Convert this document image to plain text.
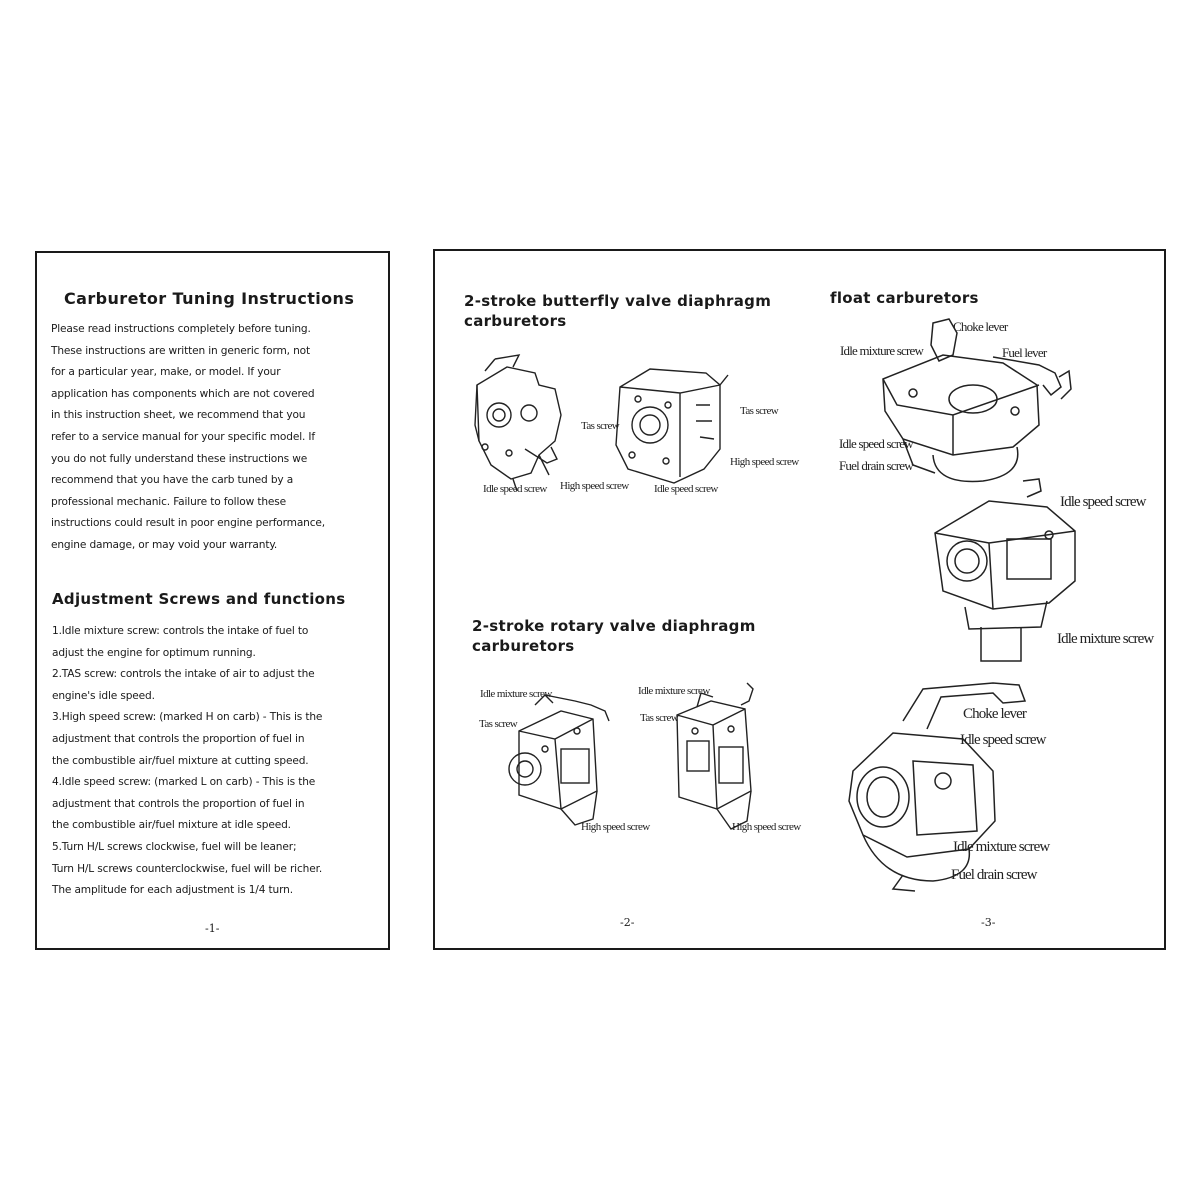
Carburetor Tuning Instructions

Please read instructions completely before tuning.
These instructions are written in generic form, not
for a particular year, make, or model. If your
application has components which are not covered
in this instruction sheet, we recommend that you
refer to a service manual for your specific model. If
you do not fully understand these instructions we
recommend that you have the carb tuned by a
professional mechanic. Failure to follow these
instructions could result in poor engine performance,
engine damage, or may void your warranty.

Adjustment Screws and functions

1.Idle mixture screw: controls the intake of fuel to
adjust the engine for optimum running.
2.TAS screw: controls the intake of air to adjust the
engine's idle speed.
3.High speed screw: (marked H on carb) - This is the
adjustment that controls the proportion of fuel in
the combustible air/fuel mixture at cutting speed.
4.Idle speed screw: (marked L on carb) - This is the
adjustment that controls the proportion of fuel in
the combustible air/fuel mixture at idle speed.
5.Turn H/L screws clockwise, fuel will be leaner;
Turn H/L screws counterclockwise, fuel will be richer.
The amplitude for each adjustment is 1/4 turn.

-1-
2-stroke butterfly valve diaphragm
carburetors
Tas screw
Idle speed screw High speed screw
Tas screw
High speed screw
Idle speed screw
2-stroke rotary valve diaphragm
carburetors
Idle mixture screw
Tas screw
High speed screw
Idle mixture screw
Tas screw
High speed screw
-2-
float carburetors
Choke lever
Idle mixture screw	Fuel lever
Idle speed screw
Fuel drain screw
Idle speed screw
Idle mixture screw
Choke lever
Idle speed screw
Idle mixture screw
Fuel drain screw
-3-
